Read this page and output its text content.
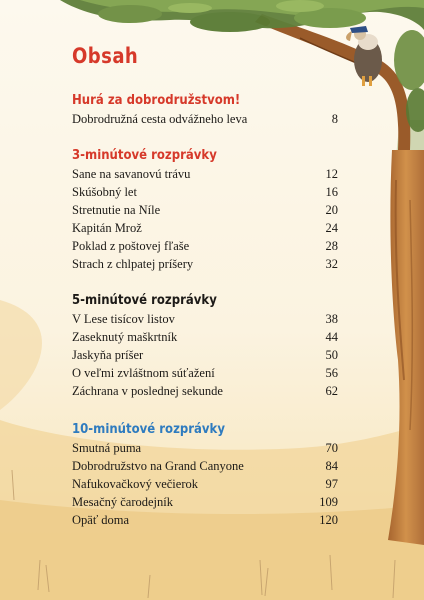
Obsah
Hurá za dobrodružstvom!
Dobrodružná cesta odvážneho leva	8
3-minútové rozprávky
Sane na savanovú trávu	12
Skúšobný let	16
Stretnutie na Níle	20
Kapitán Mrož	24
Poklad z poštovej fľaše	28
Strach z chlpatej príšery	32
5-minútové rozprávky
V Lese tisícov listov	38
Zaseknutý maškrtník	44
Jaskyňa príšer	50
O veľmi zvláštnom súťažení	56
Záchrana v poslednej sekunde	62
10-minútové rozprávky
Smutná puma	70
Dobrodružstvo na Grand Canyone	84
Nafukovačkový večierok	97
Mesačný čarodejník	109
Opäť doma	120
